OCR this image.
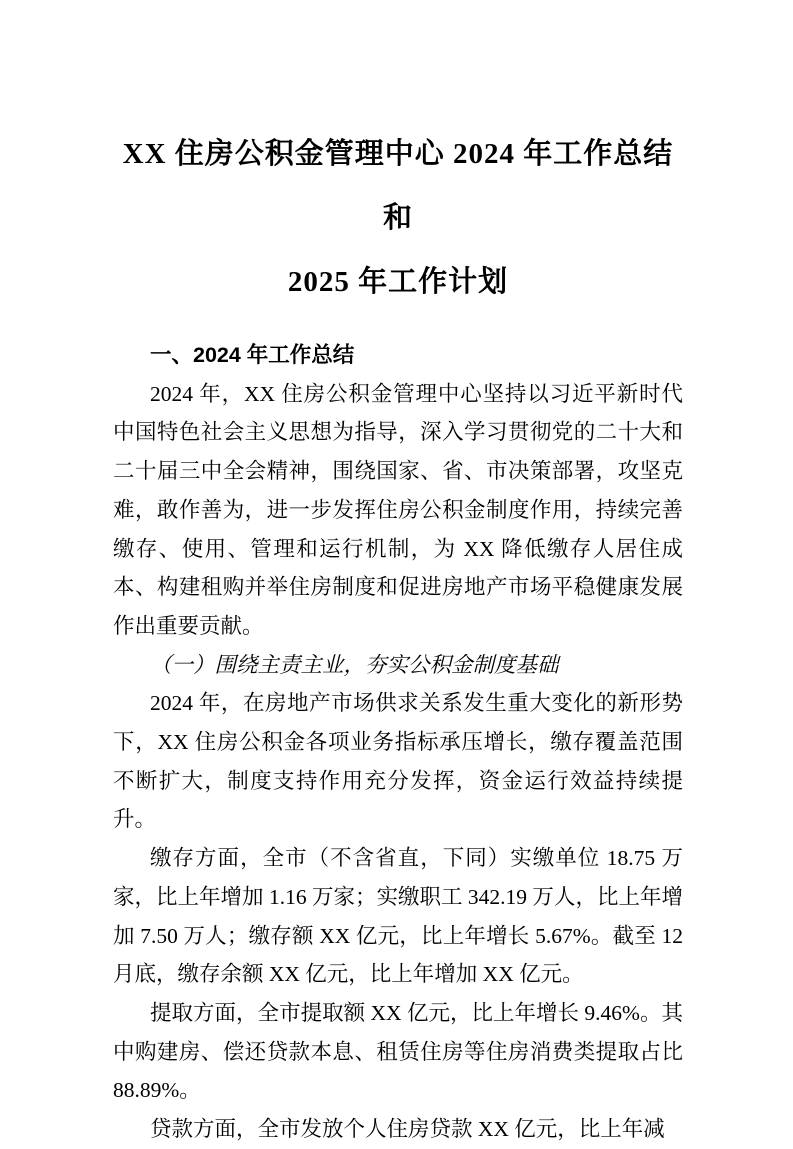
XX 住房公积金管理中心 2024 年工作总结和
2025 年工作计划

一、2024 年工作总结

2024 年，XX 住房公积金管理中心坚持以习近平新时代中国特色社会主义思想为指导，深入学习贯彻党的二十大和二十届三中全会精神，围绕国家、省、市决策部署，攻坚克难，敢作善为，进一步发挥住房公积金制度作用，持续完善缴存、使用、管理和运行机制，为 XX 降低缴存人居住成本、构建租购并举住房制度和促进房地产市场平稳健康发展作出重要贡献。

（一）围绕主责主业，夯实公积金制度基础

2024 年，在房地产市场供求关系发生重大变化的新形势下，XX 住房公积金各项业务指标承压增长，缴存覆盖范围不断扩大，制度支持作用充分发挥，资金运行效益持续提升。

缴存方面，全市（不含省直，下同）实缴单位 18.75 万家，比上年增加 1.16 万家；实缴职工 342.19 万人，比上年增加 7.50 万人；缴存额 XX 亿元，比上年增长 5.67%。截至 12 月底，缴存余额 XX 亿元，比上年增加 XX 亿元。

提取方面，全市提取额 XX 亿元，比上年增长 9.46%。其中购建房、偿还贷款本息、租赁住房等住房消费类提取占比 88.89%。

贷款方面，全市发放个人住房贷款 XX 亿元，比上年减
